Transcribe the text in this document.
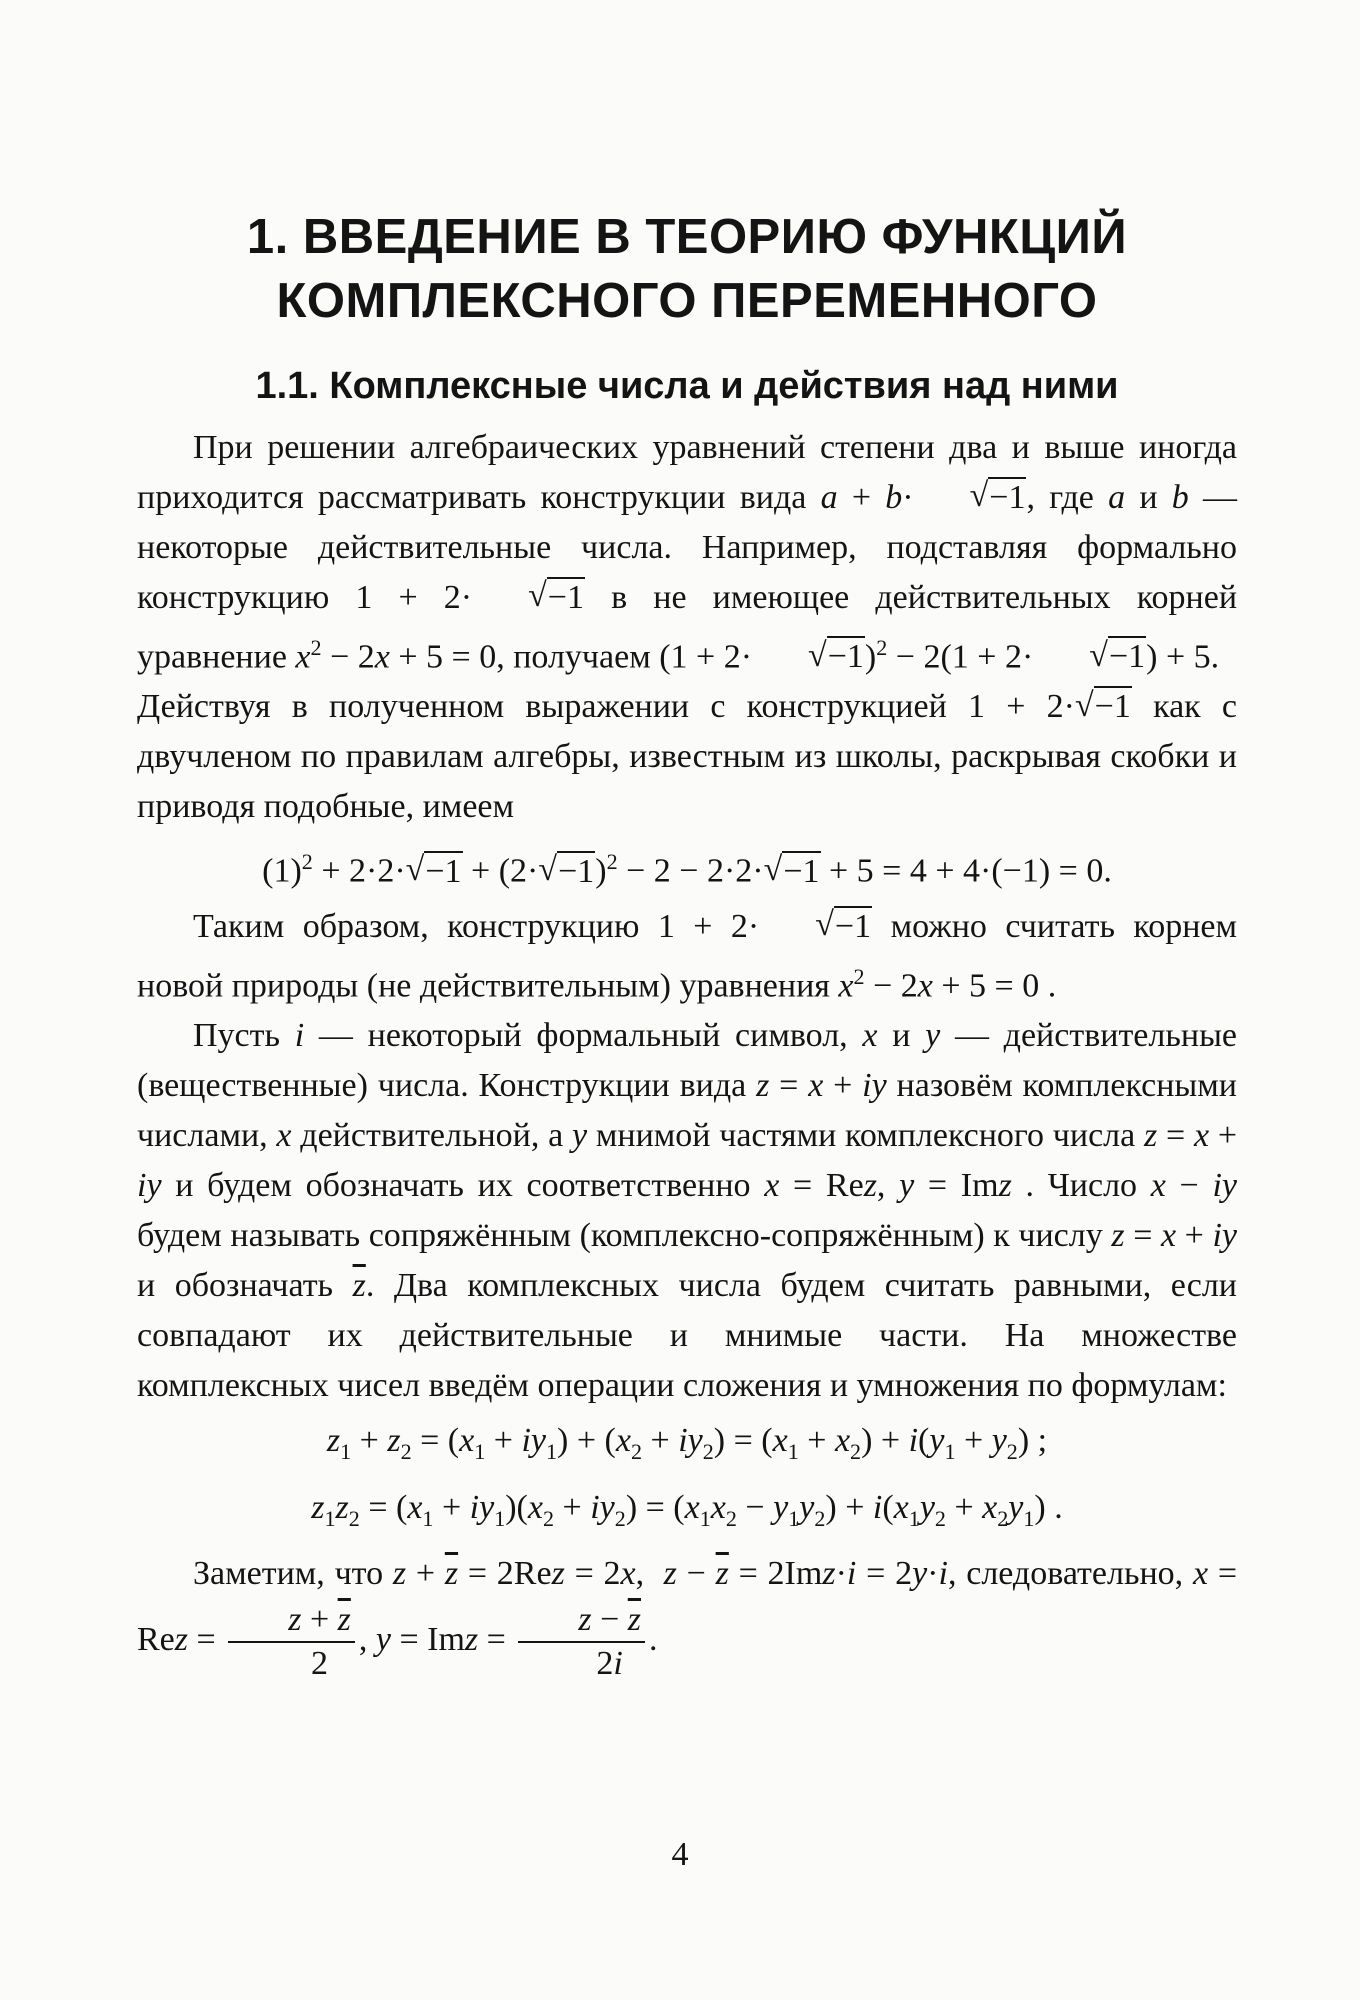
1. ВВЕДЕНИЕ В ТЕОРИЮ ФУНКЦИЙ
КОМПЛЕКСНОГО ПЕРЕМЕННОГО
1.1. Комплексные числа и действия над ними

При решении алгебраических уравнений степени два и выше иногда приходится рассматривать конструкции вида a + b· √ −1, где a и b — некоторые действительные числа. Например, подставляя формально конструкцию 1 + 2· √ −1 в не имеющее действительных корней уравнение $x^2 - 2x + 5 = 0$, получаем (1 + 2· √ −1)$^2$ − 2(1 + 2· √ −1) + 5.

Действуя в полученном выражении с конструкцией 1 + 2· √ −1 как с двучленом по правилам алгебры, известным из школы, раскрывая скобки и приводя подобные, имеем

$(1)^2 + 2\cdot 2\cdot$ √ −1 + (2· √ −1)$^2$ − 2 − 2·2· √ −1 + 5 = 4 + 4·(−1) = 0.

Таким образом, конструкцию 1 + 2· √ −1 можно считать корнем новой природы (не действительным) уравнения $x^2 - 2x + 5 = 0$ .

Пусть i — некоторый формальный символ, x и y — действительные (вещественные) числа. Конструкции вида z = x + iy назовём комплексными числами, x действительной, а y мнимой частями комплексного числа z = x + iy и будем обозначать их соответственно x = Rez, y = Imz . Число x − iy будем называть сопряжённым (комплексно-сопряжённым) к числу z = x + iy и обозначать $\overline{z}$. Два комплексных числа будем считать равными, если совпадают их действительные и мнимые части. На множестве комплексных чисел введём операции сложения и умножения по формулам:

$z_1 + z_2 = (x_1 + iy_1) + (x_2 + iy_2) = (x_1 + x_2) + i(y_1 + y_2)$ ;
$z_1z_2 = (x_1 + iy_1)(x_2 + iy_2) = (x_1x_2 - y_1y_2) + i(x_1y_2 + x_2y_1)$ .

Заметим, что $z + \overline{z} = 2Rez = 2x$,  $z - \overline{z} = 2Imz\cdot i = 2y\cdot i$, следовательно, x = Rez = $\frac{z + \overline{z}}{2}$ , y = Imz = $\frac{z - \overline{z}}{2i}$ .

4
